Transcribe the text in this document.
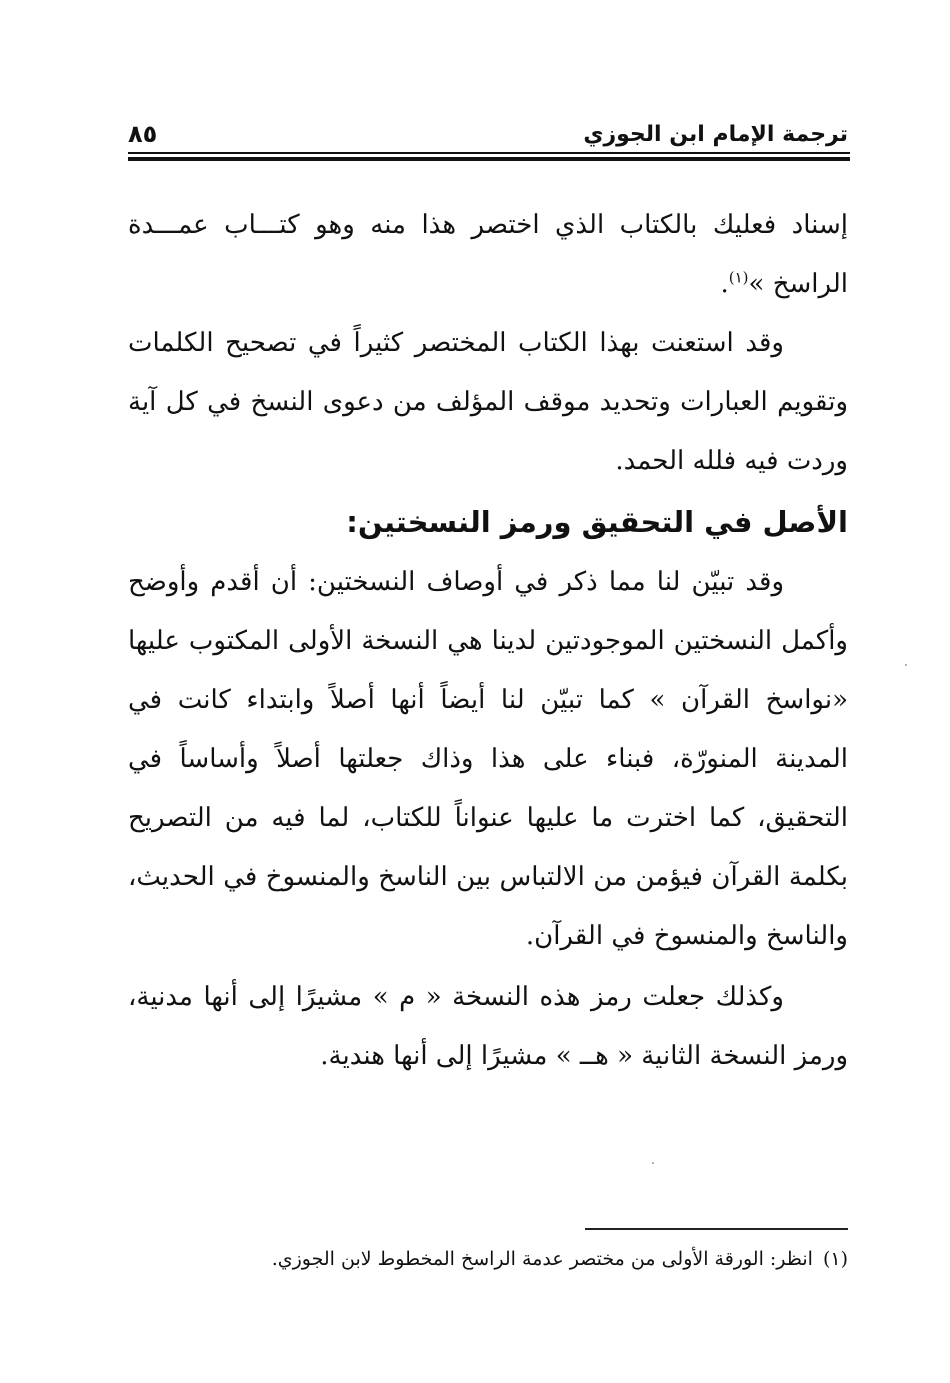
ترجمة الإمام ابن الجوزي
٨٥

إسناد فعليك بالكتاب الذي اختصر هذا منه وهو كتـــاب عمـــدة الراسخ »$^{(١)}$.

وقد استعنت بهذا الكتاب المختصر كثيراً في تصحيح الكلمات وتقويم العبارات وتحديد موقف المؤلف من دعوى النسخ في كل آية وردت فيه فلله الحمد.

الأصل في التحقيق ورمز النسختين:

وقد تبيّن لنا مما ذكر في أوصاف النسختين: أن أقدم وأوضح وأكمل النسختين الموجودتين لدينا هي النسخة الأولى المكتوب عليها «نواسخ القرآن » كما تبيّن لنا أيضاً أنها أصلاً وابتداء كانت في المدينة المنورّة، فبناء على هذا وذاك جعلتها أصلاً وأساساً في التحقيق، كما اخترت ما عليها عنواناً للكتاب، لما فيه من التصريح بكلمة القرآن فيؤمن من الالتباس بين الناسخ والمنسوخ في الحديث، والناسخ والمنسوخ في القرآن.

وكذلك جعلت رمز هذه النسخة « م » مشيرًا إلى أنها مدنية، ورمز النسخة الثانية « هــ » مشيرًا إلى أنها هندية.

(١)انظر: الورقة الأولى من مختصر عدمة الراسخ المخطوط لابن الجوزي.
